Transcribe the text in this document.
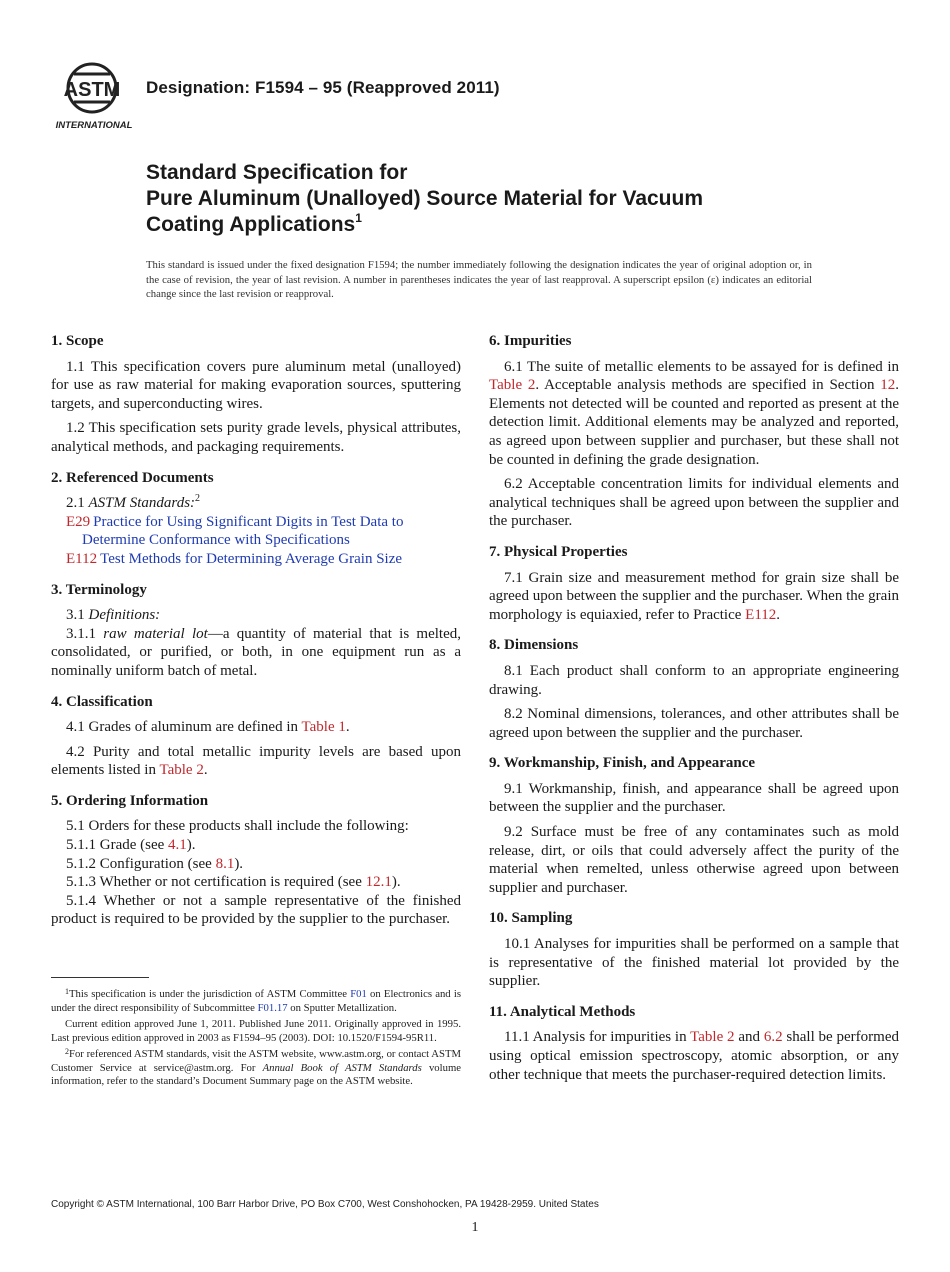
ASTM
INTERNATIONAL
Designation: F1594 – 95 (Reapproved 2011)
Standard Specification for
Pure Aluminum (Unalloyed) Source Material for Vacuum
Coating Applications$^1$
This standard is issued under the fixed designation F1594; the number immediately following the designation indicates the year of original adoption or, in the case of revision, the year of last revision. A number in parentheses indicates the year of last reapproval. A superscript epsilon (ε) indicates an editorial change since the last revision or reapproval.
1. Scope

1.1 This specification covers pure aluminum metal (unalloyed) for use as raw material for making evaporation sources, sputtering targets, and superconducting wires.

1.2 This specification sets purity grade levels, physical attributes, analytical methods, and packaging requirements.

2. Referenced Documents

2.1 ASTM Standards:$^2$

E29 Practice for Using Significant Digits in Test Data to Determine Conformance with Specifications

E112 Test Methods for Determining Average Grain Size

3. Terminology

3.1 Definitions:

3.1.1 raw material lot—a quantity of material that is melted, consolidated, or purified, or both, in one equipment run as a nominally uniform batch of metal.

4. Classification

4.1 Grades of aluminum are defined in Table 1.

4.2 Purity and total metallic impurity levels are based upon elements listed in Table 2.

5. Ordering Information

5.1 Orders for these products shall include the following:

5.1.1 Grade (see 4.1).

5.1.2 Configuration (see 8.1).

5.1.3 Whether or not certification is required (see 12.1).

5.1.4 Whether or not a sample representative of the finished product is required to be provided by the supplier to the purchaser.

6. Impurities

6.1 The suite of metallic elements to be assayed for is defined in Table 2. Acceptable analysis methods are specified in Section 12. Elements not detected will be counted and reported as present at the detection limit. Additional elements may be analyzed and reported, as agreed upon between supplier and purchaser, but these shall not be counted in defining the grade designation.

6.2 Acceptable concentration limits for individual elements and analytical techniques shall be agreed upon between the supplier and the purchaser.

7. Physical Properties

7.1 Grain size and measurement method for grain size shall be agreed upon between the supplier and the purchaser. When the grain morphology is equiaxied, refer to Practice E112.

8. Dimensions

8.1 Each product shall conform to an appropriate engineering drawing.

8.2 Nominal dimensions, tolerances, and other attributes shall be agreed upon between the supplier and the purchaser.

9. Workmanship, Finish, and Appearance

9.1 Workmanship, finish, and appearance shall be agreed upon between the supplier and the purchaser.

9.2 Surface must be free of any contaminates such as mold release, dirt, or oils that could adversely affect the purity of the material when remelted, unless otherwise agreed upon between supplier and purchaser.

10. Sampling

10.1 Analyses for impurities shall be performed on a sample that is representative of the finished material lot provided by the supplier.

11. Analytical Methods

11.1 Analysis for impurities in Table 2 and 6.2 shall be performed using optical emission spectroscopy, atomic absorption, or any other technique that meets the purchaser-required detection limits.

$^1$This specification is under the jurisdiction of ASTM Committee F01 on Electronics and is under the direct responsibility of Subcommittee F01.17 on Sputter Metallization.

Current edition approved June 1, 2011. Published June 2011. Originally approved in 1995. Last previous edition approved in 2003 as F1594–95 (2003). DOI: 10.1520/F1594-95R11.

$^2$For referenced ASTM standards, visit the ASTM website, www.astm.org, or contact ASTM Customer Service at service@astm.org. For Annual Book of ASTM Standards volume information, refer to the standard’s Document Summary page on the ASTM website.

Copyright © ASTM International, 100 Barr Harbor Drive, PO Box C700, West Conshohocken, PA 19428-2959. United States
1
